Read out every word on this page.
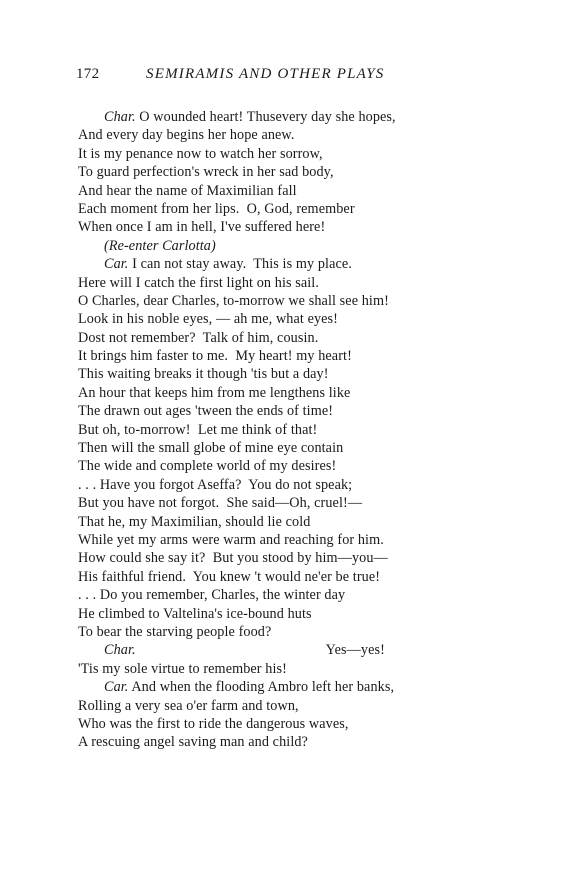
172	SEMIRAMIS AND OTHER PLAYS
Char. O wounded heart! Thusevery day she hopes,
And every day begins her hope anew.
It is my penance now to watch her sorrow,
To guard perfection's wreck in her sad body,
And hear the name of Maximilian fall
Each moment from her lips.  O, God, remember
When once I am in hell, I've suffered here!
(Re-enter Carlotta)
Car. I can not stay away.  This is my place.
Here will I catch the first light on his sail.
O Charles, dear Charles, to-morrow we shall see him!
Look in his noble eyes, — ah me, what eyes!
Dost not remember?  Talk of him, cousin.
It brings him faster to me.  My heart! my heart!
This waiting breaks it though 'tis but a day!
An hour that keeps him from me lengthens like
The drawn out ages 'tween the ends of time!
But oh, to-morrow!  Let me think of that!
Then will the small globe of mine eye contain
The wide and complete world of my desires!
. . . Have you forgot Aseffa?  You do not speak;
But you have not forgot.  She said—Oh, cruel!—
That he, my Maximilian, should lie cold
While yet my arms were warm and reaching for him.
How could she say it?  But you stood by him—you—
His faithful friend.  You knew 't would ne'er be true!
. . . Do you remember, Charles, the winter day
He climbed to Valtelina's ice-bound huts
To bear the starving people food?
Char.	Yes—yes!
'Tis my sole virtue to remember his!
Car. And when the flooding Ambro left her banks,
Rolling a very sea o'er farm and town,
Who was the first to ride the dangerous waves,
A rescuing angel saving man and child?
